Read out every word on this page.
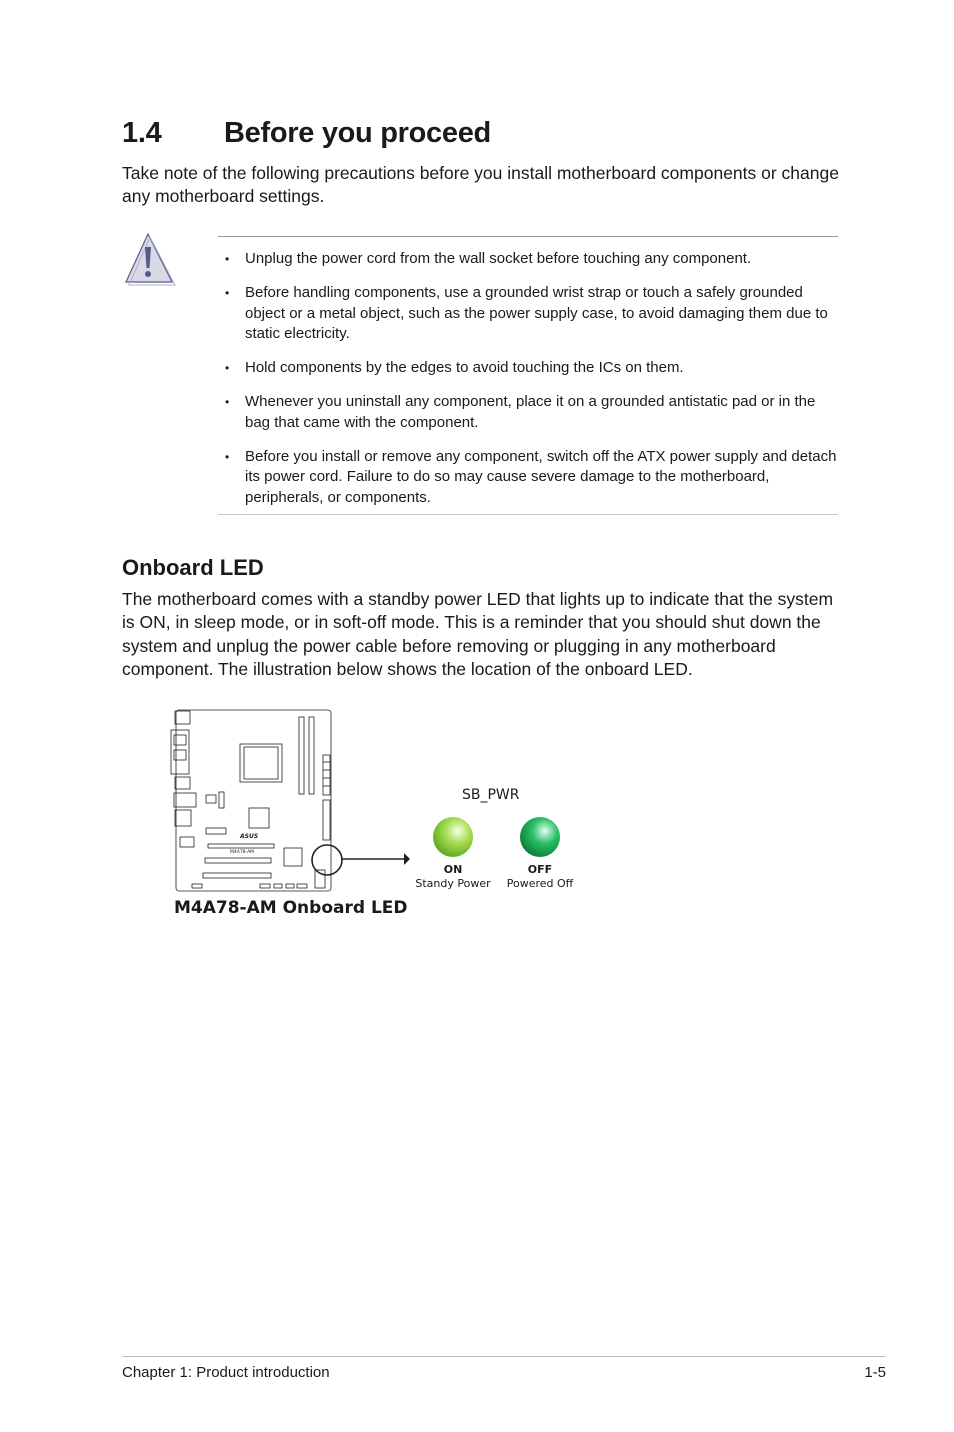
1.4 Before you proceed

Take note of the following precautions before you install motherboard components or change any motherboard settings.

• Unplug the power cord from the wall socket before touching any component.
• Before handling components, use a grounded wrist strap or touch a safely grounded object or a metal object, such as the power supply case, to avoid damaging them due to static electricity.
• Hold components by the edges to avoid touching the ICs on them.
• Whenever you uninstall any component, place it on a grounded antistatic pad or in the bag that came with the component.
• Before you install or remove any component, switch off the ATX power supply and detach its power cord. Failure to do so may cause severe damage to the motherboard, peripherals, or components.
Onboard LED

The motherboard comes with a standby power LED that lights up to indicate that the system is ON, in sleep mode, or in soft-off mode. This is a reminder that you should shut down the system and unplug the power cable before removing or plugging in any motherboard component. The illustration below shows the location of the onboard LED.

ASUS
M4A78-AM
SB_PWR
ON
Standy Power
OFF
Powered Off
M4A78-AM Onboard LED
Chapter 1: Product introduction	1-5
